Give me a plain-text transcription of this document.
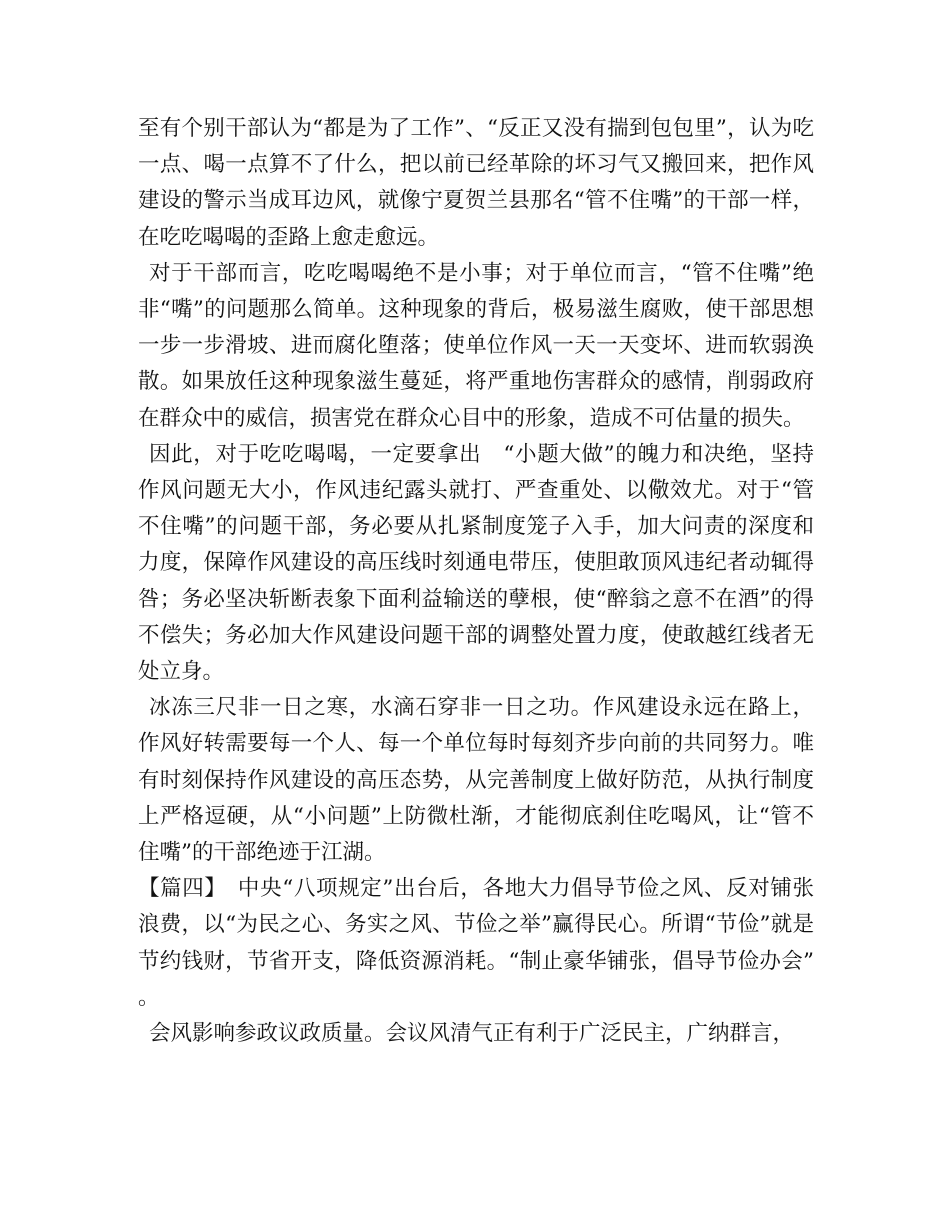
至有个别干部认为“都是为了工作”、“反正又没有揣到包包里”，认为吃一点、喝一点算不了什么，把以前已经革除的坏习气又搬回来，把作风建设的警示当成耳边风，就像宁夏贺兰县那名“管不住嘴”的干部一样，在吃吃喝喝的歪路上愈走愈远。

对于干部而言，吃吃喝喝绝不是小事；对于单位而言，“管不住嘴”绝非“嘴”的问题那么简单。这种现象的背后，极易滋生腐败，使干部思想一步一步滑坡、进而腐化堕落；使单位作风一天一天变坏、进而软弱涣散。如果放任这种现象滋生蔓延，将严重地伤害群众的感情，削弱政府在群众中的威信，损害党在群众心目中的形象，造成不可估量的损失。

因此，对于吃吃喝喝，一定要拿出　“小题大做”的魄力和决绝，坚持作风问题无大小，作风违纪露头就打、严查重处、以儆效尤。对于“管不住嘴”的问题干部，务必要从扎紧制度笼子入手，加大问责的深度和力度，保障作风建设的高压线时刻通电带压，使胆敢顶风违纪者动辄得咎；务必坚决斩断表象下面利益输送的孽根，使“醉翁之意不在酒”的得不偿失；务必加大作风建设问题干部的调整处置力度，使敢越红线者无处立身。

冰冻三尺非一日之寒，水滴石穿非一日之功。作风建设永远在路上，作风好转需要每一个人、每一个单位每时每刻齐步向前的共同努力。唯有时刻保持作风建设的高压态势，从完善制度上做好防范，从执行制度上严格逗硬，从“小问题”上防微杜渐，才能彻底刹住吃喝风，让“管不住嘴”的干部绝迹于江湖。

【篇四】　中央“八项规定”出台后，各地大力倡导节俭之风、反对铺张浪费，以“为民之心、务实之风、节俭之举”赢得民心。所谓“节俭”就是节约钱财，节省开支，降低资源消耗。“制止豪华铺张，倡导节俭办会”。

会风影响参政议政质量。会议风清气正有利于广泛民主，广纳群言，
